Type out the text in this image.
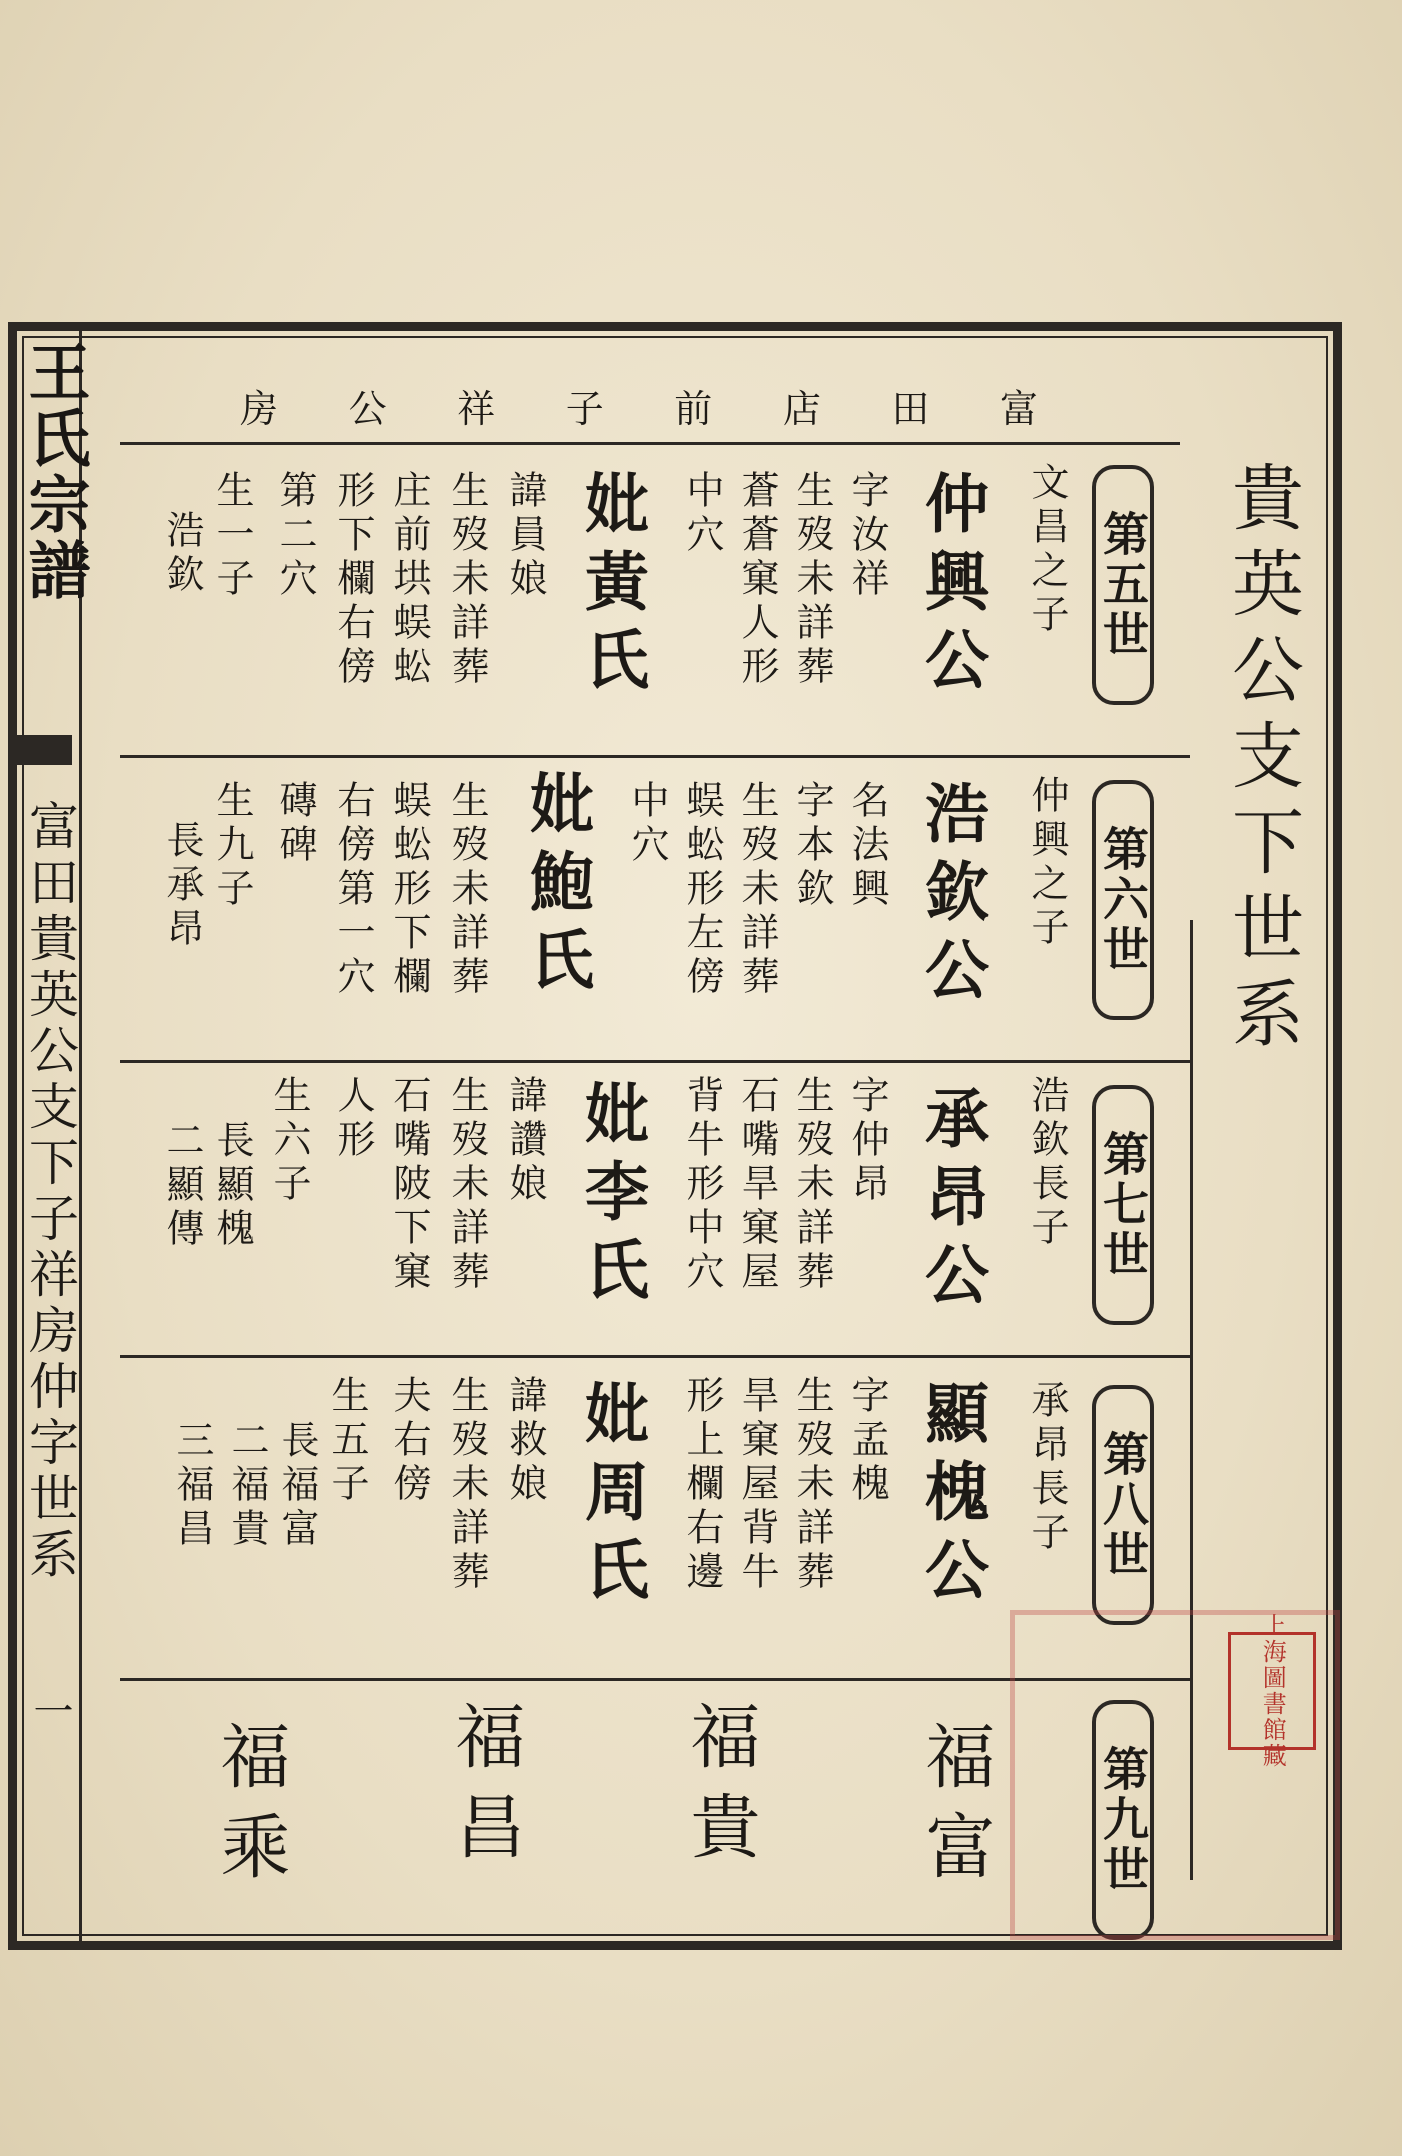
王氏宗譜
富田貴英公支下子祥房仲字世系
一
富
田
店
前
子
祥
公
房
貴英公支下世系
第五世
文昌之子
仲興公
字汝祥
生歿未詳葬
蒼蒼窠人形
中穴
妣黃氏
諱員娘
生歿未詳葬
庄前垬蜈蚣
形下欄右傍
第二穴
生一子
浩欽
第六世
仲興之子
浩欽公
名法興
字本欽
生歿未詳葬
蜈蚣形左傍
中穴
妣鮑氏
生歿未詳葬
蜈蚣形下欄
右傍第一穴
磚碑
生九子
長承昂
第七世
浩欽長子
承昂公
字仲昂
生歿未詳葬
石嘴旱窠屋
背牛形中穴
妣李氏
諱讚娘
生歿未詳葬
石嘴陂下窠
人形
生六子
長顯槐
二顯傳
第八世
承昂長子
顯槐公
字孟槐
生歿未詳葬
旱窠屋背牛
形上欄右邊
妣周氏
諱救娘
生歿未詳葬
夫右傍
生五子
長福富
二福貴
三福昌
第九世
福富
福貴
福昌
福乘
上海圖書館藏
